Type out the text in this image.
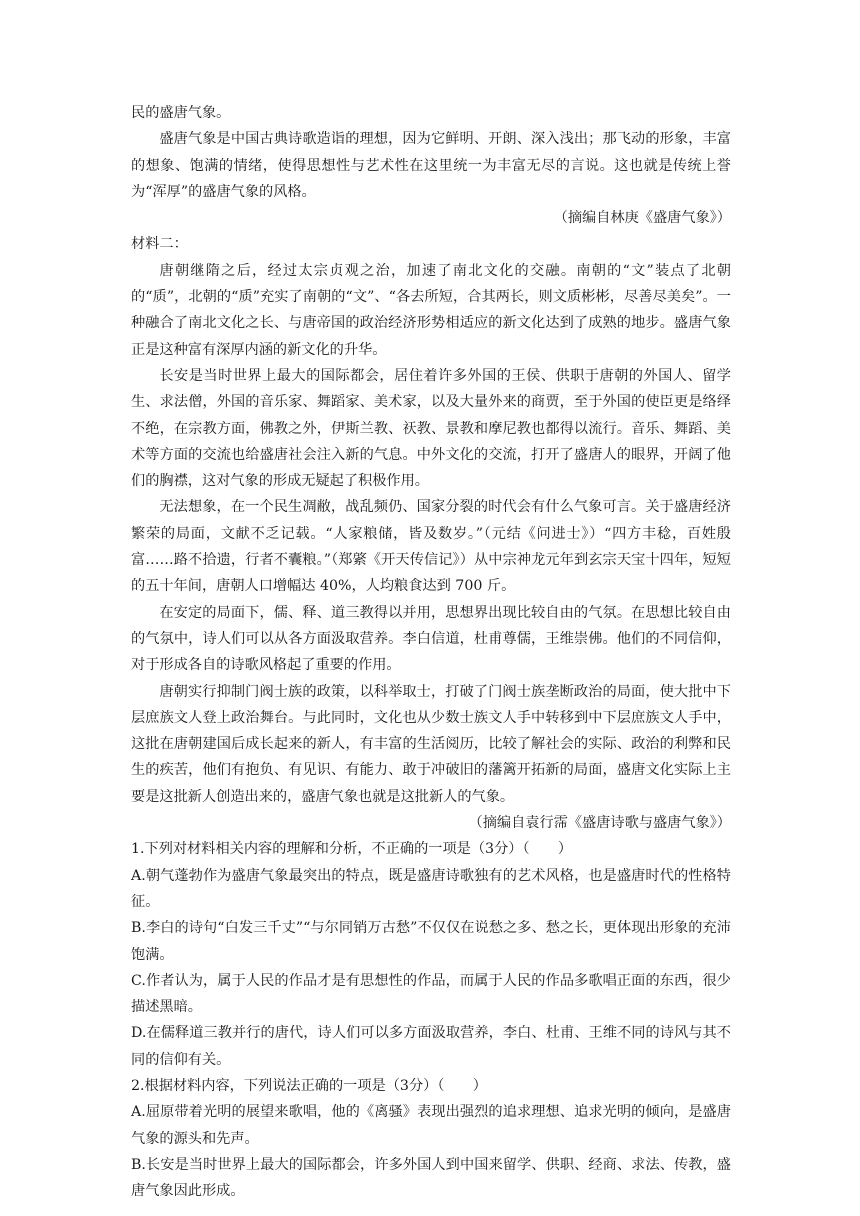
民的盛唐气象。

盛唐气象是中国古典诗歌造诣的理想，因为它鲜明、开朗、深入浅出；那飞动的形象，丰富的想象、饱满的情绪，使得思想性与艺术性在这里统一为丰富无尽的言说。这也就是传统上誉为“浑厚”的盛唐气象的风格。

（摘编自林庚《盛唐气象》）

材料二：

唐朝继隋之后，经过太宗贞观之治，加速了南北文化的交融。南朝的“文”装点了北朝的“质”，北朝的“质”充实了南朝的“文”、“各去所短，合其两长，则文质彬彬，尽善尽美矣”。一种融合了南北文化之长、与唐帝国的政治经济形势相适应的新文化达到了成熟的地步。盛唐气象正是这种富有深厚内涵的新文化的升华。

长安是当时世界上最大的国际都会，居住着许多外国的王侯、供职于唐朝的外国人、留学生、求法僧，外国的音乐家、舞蹈家、美术家，以及大量外来的商贾，至于外国的使臣更是络绎不绝，在宗教方面，佛教之外，伊斯兰教、祆教、景教和摩尼教也都得以流行。音乐、舞蹈、美术等方面的交流也给盛唐社会注入新的气息。中外文化的交流，打开了盛唐人的眼界，开阔了他们的胸襟，这对气象的形成无疑起了积极作用。

无法想象，在一个民生凋敝，战乱频仍、国家分裂的时代会有什么气象可言。关于盛唐经济繁荣的局面，文献不乏记载。“人家粮储，皆及数岁。”（元结《问进士》）“四方丰稔，百姓殷富……路不拾遗，行者不囊粮。”（郑綮《开天传信记》）从中宗神龙元年到玄宗天宝十四年，短短的五十年间，唐朝人口增幅达 40%，人均粮食达到 700 斤。

在安定的局面下，儒、释、道三教得以并用，思想界出现比较自由的气氛。在思想比较自由的气氛中，诗人们可以从各方面汲取营养。李白信道，杜甫尊儒，王维崇佛。他们的不同信仰，对于形成各自的诗歌风格起了重要的作用。

唐朝实行抑制门阀士族的政策，以科举取士，打破了门阀士族垄断政治的局面，使大批中下层庶族文人登上政治舞台。与此同时，文化也从少数士族文人手中转移到中下层庶族文人手中，这批在唐朝建国后成长起来的新人，有丰富的生活阅历，比较了解社会的实际、政治的利弊和民生的疾苦，他们有抱负、有见识、有能力、敢于冲破旧的藩篱开拓新的局面，盛唐文化实际上主要是这批新人创造出来的，盛唐气象也就是这批新人的气象。

（摘编自袁行霈《盛唐诗歌与盛唐气象》）

1.下列对材料相关内容的理解和分析，不正确的一项是（3分）（　　）

A.朝气蓬勃作为盛唐气象最突出的特点，既是盛唐诗歌独有的艺术风格，也是盛唐时代的性格特征。

B.李白的诗句“白发三千丈”“与尔同销万古愁”不仅仅在说愁之多、愁之长，更体现出形象的充沛饱满。

C.作者认为，属于人民的作品才是有思想性的作品，而属于人民的作品多歌唱正面的东西，很少描述黑暗。

D.在儒释道三教并行的唐代，诗人们可以多方面汲取营养，李白、杜甫、王维不同的诗风与其不同的信仰有关。

2.根据材料内容，下列说法正确的一项是（3分）（　　）

A.屈原带着光明的展望来歌唱，他的《离骚》表现出强烈的追求理想、追求光明的倾向，是盛唐气象的源头和先声。

B.长安是当时世界上最大的国际都会，许多外国人到中国来留学、供职、经商、求法、传教，盛唐气象因此形成。
